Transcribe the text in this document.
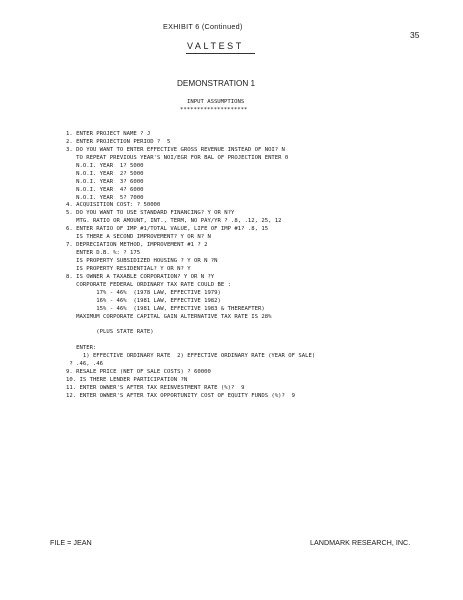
EXHIBIT 6 (Continued)
35
VALTEST
DEMONSTRATION 1
INPUT ASSUMPTIONS
********************
1. ENTER PROJECT NAME ? J
2. ENTER PROJECTION PERIOD ?  5
3. DO YOU WANT TO ENTER EFFECTIVE GROSS REVENUE INSTEAD OF NOI? N
TO REPEAT PREVIOUS YEAR'S NOI/EGR FOR BAL OF PROJECTION ENTER 0
N.O.I. YEAR  1? 5000
N.O.I. YEAR  2? 5000
N.O.I. YEAR  3? 6000
N.O.I. YEAR  4? 6000
N.O.I. YEAR  5? 7000
4. ACQUISITION COST: ? 50000
5. DO YOU WANT TO USE STANDARD FINANCING? Y OR N?Y
MTG. RATIO OR AMOUNT, INT., TERM, NO PAY/YR ? .8, .12, 25, 12
6. ENTER RATIO OF IMP #1/TOTAL VALUE, LIFE OF IMP #1? .8, 15
IS THERE A SECOND IMPROVEMENT? Y OR N? N
7. DEPRECIATION METHOD, IMPROVEMENT #1 ? 2
ENTER D.B. %: ? 175
IS PROPERTY SUBSIDIZED HOUSING ? Y OR N ?N
IS PROPERTY RESIDENTIAL? Y OR N? Y
8. IS OWNER A TAXABLE CORPORATION? Y OR N ?Y
CORPORATE FEDERAL ORDINARY TAX RATE COULD BE :
17% - 46%  (1978 LAW, EFFECTIVE 1979)
16% - 46%  (1981 LAW, EFFECTIVE 1982)
15% - 46%  (1981 LAW, EFFECTIVE 1983 & THEREAFTER)
MAXIMUM CORPORATE CAPITAL GAIN ALTERNATIVE TAX RATE IS 28%
(PLUS STATE RATE)
ENTER:
1) EFFECTIVE ORDINARY RATE  2) EFFECTIVE ORDINARY RATE (YEAR OF SALE)
? .46, .46
9. RESALE PRICE (NET OF SALE COSTS) ? 60000
10. IS THERE LENDER PARTICIPATION ?N
11. ENTER OWNER'S AFTER TAX REINVESTMENT RATE (%)?  9
12. ENTER OWNER'S AFTER TAX OPPORTUNITY COST OF EQUITY FUNDS (%)?  9
FILE = JEAN	LANDMARK RESEARCH, INC.
